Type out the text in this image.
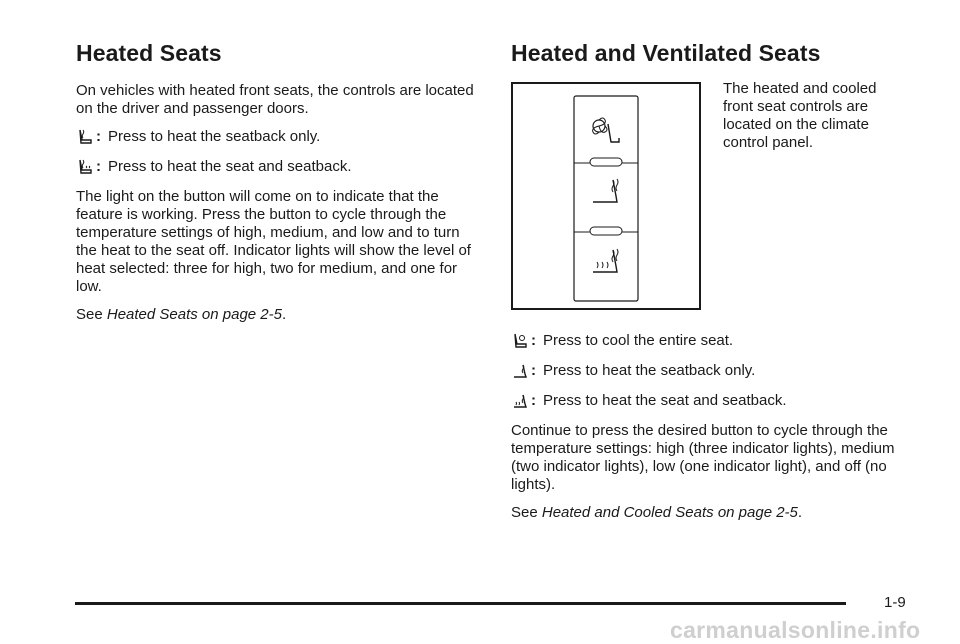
Heated Seats

On vehicles with heated front seats, the controls are located on the driver and passenger doors.

: Press to heat the seatback only.
: Press to heat the seat and seatback.

The light on the button will come on to indicate that the feature is working. Press the button to cycle through the temperature settings of high, medium, and low and to turn the heat to the seat off. Indicator lights will show the level of heat selected: three for high, two for medium, and one for low.

See Heated Seats on page 2-5.

Heated and Ventilated Seats

The heated and cooled front seat controls are located on the climate control panel.

: Press to cool the entire seat.
: Press to heat the seatback only.
: Press to heat the seat and seatback.

Continue to press the desired button to cycle through the temperature settings: high (three indicator lights), medium (two indicator lights), low (one indicator light), and off (no lights).

See Heated and Cooled Seats on page 2-5.

1-9
carmanualsonline.info
